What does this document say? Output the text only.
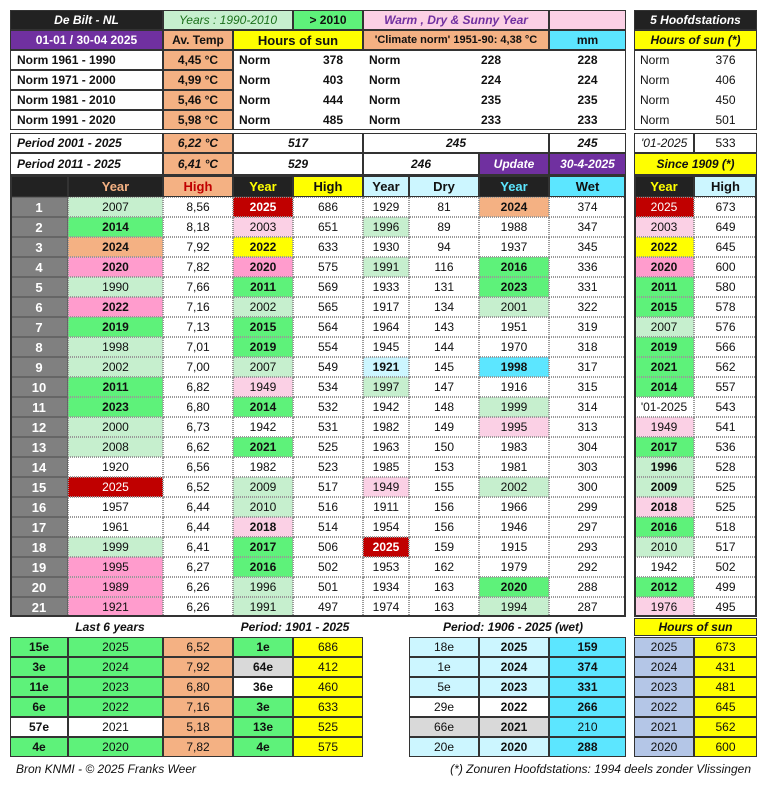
De Bilt - NL	Years : 1990-2010	> 2010	Warm , Dry & Sunny Year	5 Hoofdstations
01-01 / 30-04 2025	Av. Temp	Hours of sun	'Climate norm' 1951-90: 4,38 °C	mm	Hours of sun (*)
Norm 1961 - 1990	4,45 °C	Norm	378	Norm	228	228	Norm	376
Norm 1971 - 2000	4,99 °C	Norm	403	Norm	224	224	Norm	406
Norm 1981 - 2010	5,46 °C	Norm	444	Norm	235	235	Norm	450
Norm 1991 - 2020	5,98 °C	Norm	485	Norm	233	233	Norm	501
Period 2001 - 2025	6,22 °C	517	245	245	'01-2025	533
Period 2011 - 2025	6,41 °C	529	246	Update	30-4-2025	Since 1909 (*)
Year	High	Year	High	Year	Dry	Year	Wet	Year	High
1	2007	8,56	2025	686	1929	81	2024	374	2025	673
2	2014	8,18	2003	651	1996	89	1988	347	2003	649
3	2024	7,92	2022	633	1930	94	1937	345	2022	645
4	2020	7,82	2020	575	1991	116	2016	336	2020	600
5	1990	7,66	2011	569	1933	131	2023	331	2011	580
6	2022	7,16	2002	565	1917	134	2001	322	2015	578
7	2019	7,13	2015	564	1964	143	1951	319	2007	576
8	1998	7,01	2019	554	1945	144	1970	318	2019	566
9	2002	7,00	2007	549	1921	145	1998	317	2021	562
10	2011	6,82	1949	534	1997	147	1916	315	2014	557
11	2023	6,80	2014	532	1942	148	1999	314	'01-2025	543
12	2000	6,73	1942	531	1982	149	1995	313	1949	541
13	2008	6,62	2021	525	1963	150	1983	304	2017	536
14	1920	6,56	1982	523	1985	153	1981	303	1996	528
15	2025	6,52	2009	517	1949	155	2002	300	2009	525
16	1957	6,44	2010	516	1911	156	1966	299	2018	525
17	1961	6,44	2018	514	1954	156	1946	297	2016	518
18	1999	6,41	2017	506	2025	159	1915	293	2010	517
19	1995	6,27	2016	502	1953	162	1979	292	1942	502
20	1989	6,26	1996	501	1934	163	2020	288	2012	499
21	1921	6,26	1991	497	1974	163	1994	287	1976	495
Last 6 years	Period: 1901 - 2025	Period: 1906 - 2025 (wet)	Hours of sun
15e	2025	6,52	1e	686	18e	2025	159	2025	673
3e	2024	7,92	64e	412	1e	2024	374	2024	431
11e	2023	6,80	36e	460	5e	2023	331	2023	481
6e	2022	7,16	3e	633	29e	2022	266	2022	645
57e	2021	5,18	13e	525	66e	2021	210	2021	562
4e	2020	7,82	4e	575	20e	2020	288	2020	600
Bron KNMI - © 2025 Franks Weer	(*) Zonuren Hoofdstations: 1994 deels zonder Vlissingen
